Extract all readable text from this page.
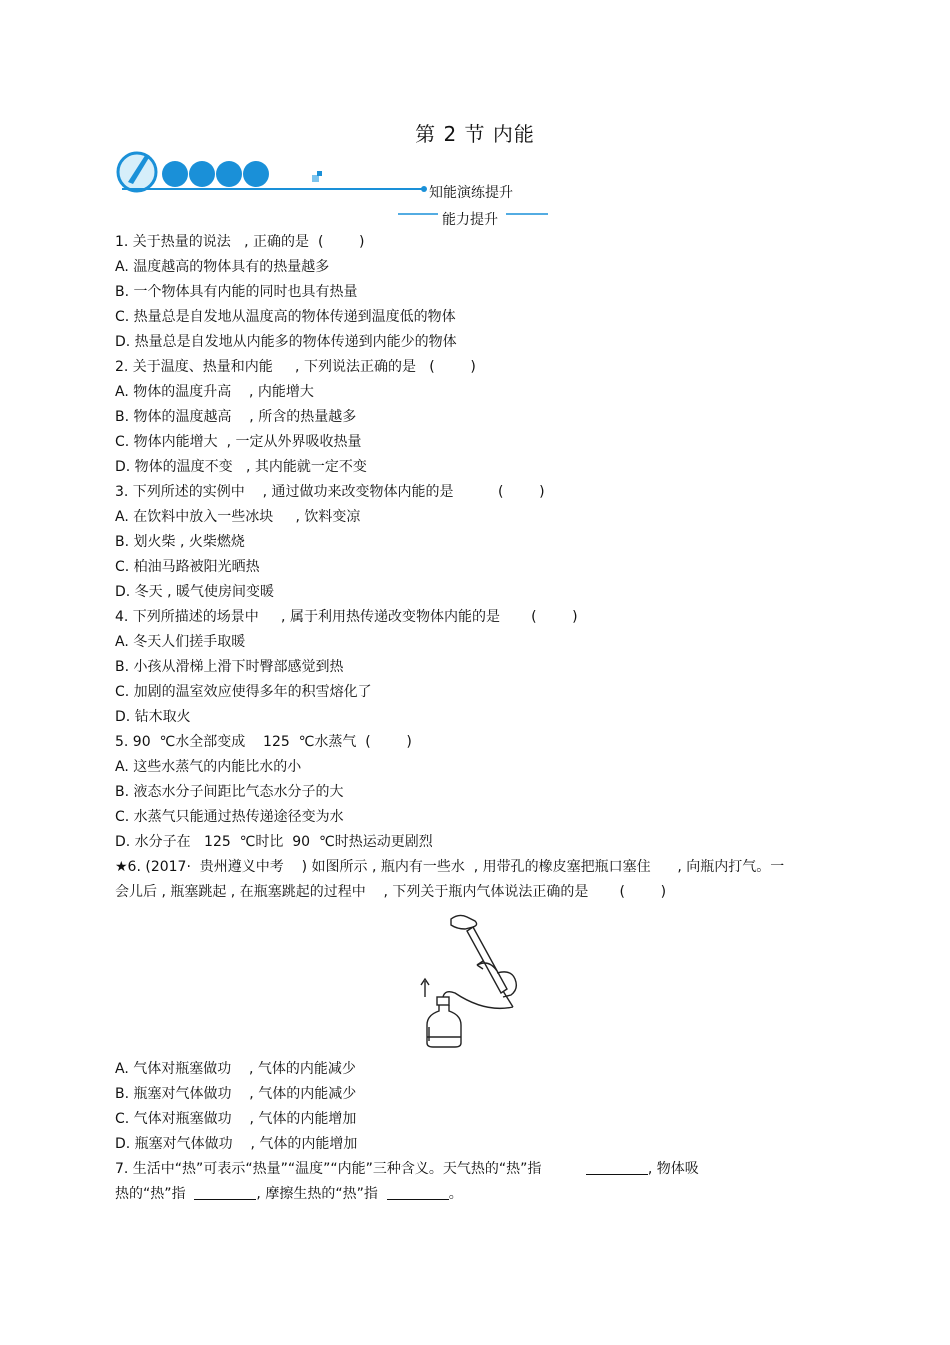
第 2 节 内能
知能演练提升
能力提升
1. 关于热量的说法   , 正确的是  (        )
A. 温度越高的物体具有的热量越多
B. 一个物体具有内能的同时也具有热量
C. 热量总是自发地从温度高的物体传递到温度低的物体
D. 热量总是自发地从内能多的物体传递到内能少的物体
2. 关于温度、热量和内能     , 下列说法正确的是   (        )
A. 物体的温度升高    , 内能增大
B. 物体的温度越高    , 所含的热量越多
C. 物体内能增大  , 一定从外界吸收热量
D. 物体的温度不变   , 其内能就一定不变
3. 下列所述的实例中    , 通过做功来改变物体内能的是          (        )
A. 在饮料中放入一些冰块     , 饮料变凉
B. 划火柴 , 火柴燃烧
C. 柏油马路被阳光晒热
D. 冬天 , 暖气使房间变暖
4. 下列所描述的场景中     , 属于利用热传递改变物体内能的是       (        )
A. 冬天人们搓手取暖
B. 小孩从滑梯上滑下时臀部感觉到热
C. 加剧的温室效应使得多年的积雪熔化了
D. 钻木取火
5. 90  ℃水全部变成    125  ℃水蒸气  (        )
A. 这些水蒸气的内能比水的小
B. 液态水分子间距比气态水分子的大
C. 水蒸气只能通过热传递途径变为水
D. 水分子在   125  ℃时比  90  ℃时热运动更剧烈
★6. (2017·  贵州遵义中考    ) 如图所示 , 瓶内有一些水  , 用带孔的橡皮塞把瓶口塞住      , 向瓶内打气。一
会儿后 , 瓶塞跳起 , 在瓶塞跳起的过程中    , 下列关于瓶内气体说法正确的是       (        )
A. 气体对瓶塞做功    , 气体的内能减少
B. 瓶塞对气体做功    , 气体的内能减少
C. 气体对瓶塞做功    , 气体的内能增加
D. 瓶塞对气体做功    , 气体的内能增加
7. 生活中“热”可表示“热量”“温度”“内能”三种含义。天气热的“热”指	, 物体吸
热的“热”指	, 摩擦生热的“热”指	。
